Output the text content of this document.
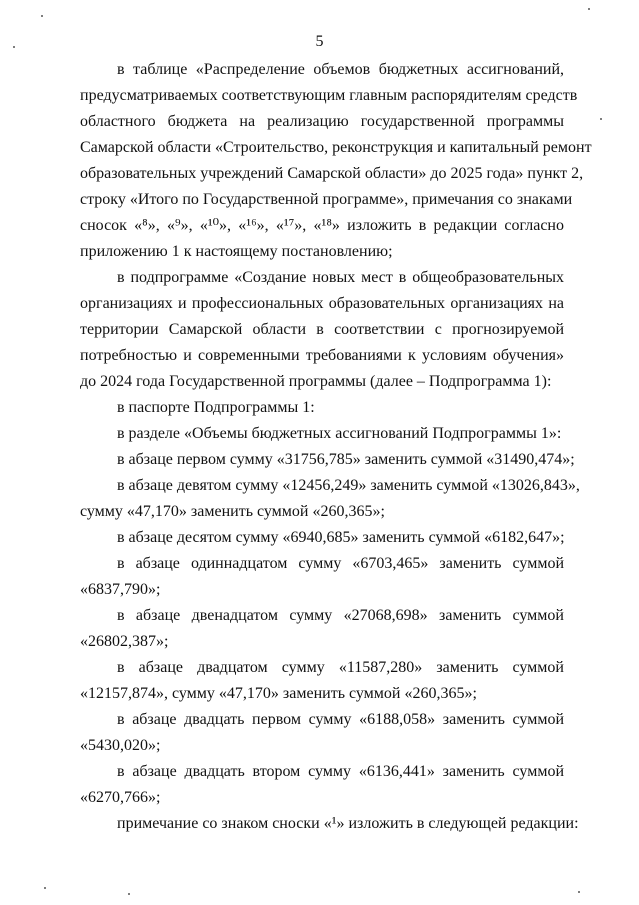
5
в таблице «Распределение объемов бюджетных ассигнований,
предусматриваемых соответствующим главным распорядителям средств
областного бюджета на реализацию государственной программы
Самарской области «Строительство, реконструкция и капитальный ремонт
образовательных учреждений Самарской области» до 2025 года» пункт 2,
строку «Итого по Государственной программе», примечания со знаками
сносок «⁸», «⁹», «¹⁰», «¹⁶», «¹⁷», «¹⁸» изложить в редакции согласно
приложению 1 к настоящему постановлению;
в подпрограмме «Создание новых мест в общеобразовательных
организациях и профессиональных образовательных организациях на
территории Самарской области в соответствии с прогнозируемой
потребностью и современными требованиями к условиям обучения»
до 2024 года Государственной программы (далее – Подпрограмма 1):
в паспорте Подпрограммы 1:
в разделе «Объемы бюджетных ассигнований Подпрограммы 1»:
в абзаце первом сумму «31756,785» заменить суммой «31490,474»;
в абзаце девятом сумму «12456,249» заменить суммой «13026,843»,
сумму «47,170» заменить суммой «260,365»;
в абзаце десятом сумму «6940,685» заменить суммой «6182,647»;
в абзаце одиннадцатом сумму «6703,465» заменить суммой
«6837,790»;
в абзаце двенадцатом сумму «27068,698» заменить суммой
«26802,387»;
в абзаце двадцатом сумму «11587,280» заменить суммой
«12157,874», сумму «47,170» заменить суммой «260,365»;
в абзаце двадцать первом сумму «6188,058» заменить суммой
«5430,020»;
в абзаце двадцать втором сумму «6136,441» заменить суммой
«6270,766»;
примечание со знаком сноски «¹» изложить в следующей редакции:
